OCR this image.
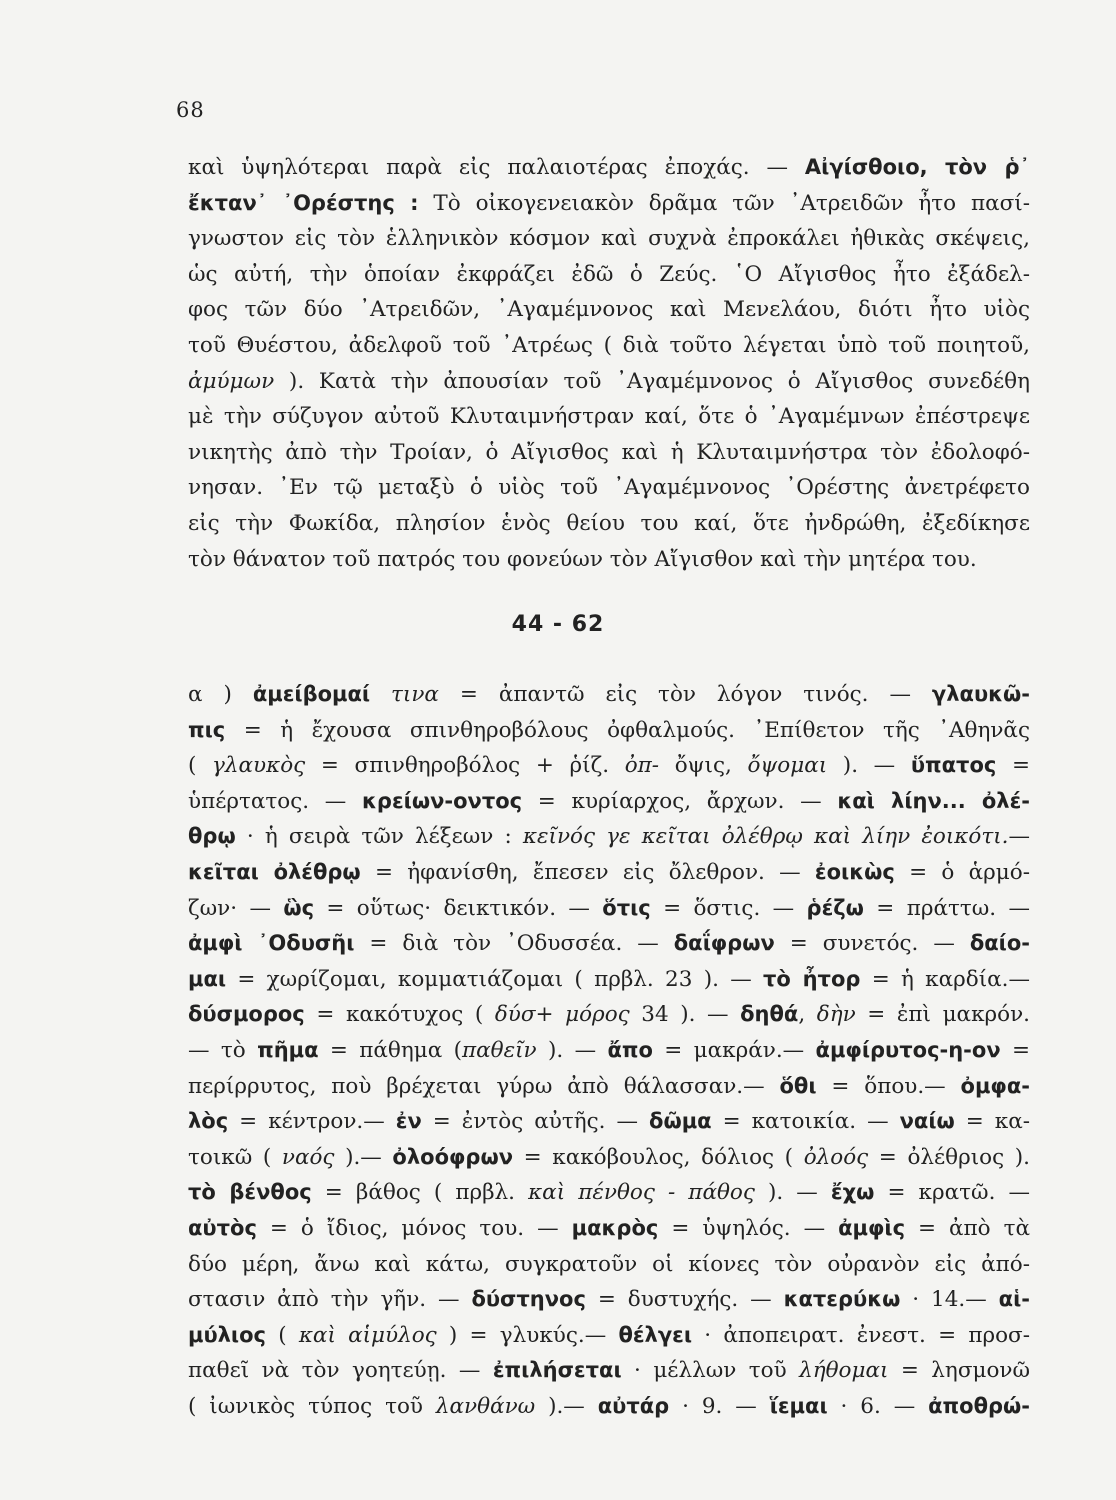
68
καὶ ὑψηλότεραι παρὰ εἰς παλαιοτέρας ἐποχάς. — Αἰγίσθοιο, τὸν ῥ᾽
ἔκταν᾽ ᾽Ορέστης : Τὸ οἰκογενειακὸν δρᾶμα τῶν ᾽Ατρειδῶν ἦτο πασί-
γνωστον εἰς τὸν ἑλληνικὸν κόσμον καὶ συχνὰ ἐπροκάλει ἠθικὰς σκέψεις,
ὡς αὐτή, τὴν ὁποίαν ἐκφράζει ἐδῶ ὁ Ζεύς. ῾Ο Αἴγισθος ἦτο ἐξάδελ-
φος τῶν δύο ᾽Ατρειδῶν, ᾽Αγαμέμνονος καὶ Μενελάου, διότι ἦτο υἱὸς
τοῦ Θυέστου, ἀδελφοῦ τοῦ ᾽Ατρέως ( διὰ τοῦτο λέγεται ὑπὸ τοῦ ποιητοῦ,
ἀμύμων ). Κατὰ τὴν ἀπουσίαν τοῦ ᾽Αγαμέμνονος ὁ Αἴγισθος συνεδέθη
μὲ τὴν σύζυγον αὐτοῦ Κλυταιμνήστραν καί, ὅτε ὁ ᾽Αγαμέμνων ἐπέστρεψε
νικητὴς ἀπὸ τὴν Τροίαν, ὁ Αἴγισθος καὶ ἡ Κλυταιμνήστρα τὸν ἐδολοφό-
νησαν. ᾽Εν τῷ μεταξὺ ὁ υἱὸς τοῦ ᾽Αγαμέμνονος ᾽Ορέστης ἀνετρέφετο
εἰς τὴν Φωκίδα, πλησίον ἑνὸς θείου του καί, ὅτε ἠνδρώθη, ἐξεδίκησε
τὸν θάνατον τοῦ πατρός του φονεύων τὸν Αἴγισθον καὶ τὴν μητέρα του.
44 - 62
α ) ἀμείβομαί τινα = ἀπαντῶ εἰς τὸν λόγον τινός. — γλαυκῶ-
πις = ἡ ἔχουσα σπινθηροβόλους ὀφθαλμούς. ᾽Επίθετον τῆς ᾽Αθηνᾶς
( γλαυκὸς = σπινθηροβόλος + ῥίζ. ὀπ- ὄψις, ὄψομαι ). — ὕπατος =
ὑπέρτατος. — κρείων-οντος = κυρίαρχος, ἄρχων. — καὶ λίην... ὀλέ-
θρῳ · ἡ σειρὰ τῶν λέξεων : κεῖνός γε κεῖται ὀλέθρῳ καὶ λίην ἐοικότι.—
κεῖται ὀλέθρῳ = ἠφανίσθη, ἔπεσεν εἰς ὄλεθρον. — ἐοικὼς = ὁ ἁρμό-
ζων· — ὣς = οὕτως· δεικτικόν. — ὅτις = ὅστις. — ῥέζω = πράττω. —
ἀμφὶ ᾽Οδυσῆι = διὰ τὸν ᾽Οδυσσέα. — δαΐφρων = συνετός. — δαίο-
μαι = χωρίζομαι, κομματιάζομαι ( πρβλ. 23 ). — τὸ ἦτορ = ἡ καρδία.—
δύσμορος = κακότυχος ( δύσ+ μόρος 34 ). — δηθά, δὴν = ἐπὶ μακρόν.
— τὸ πῆμα = πάθημα (παθεῖν ). — ἄπο = μακράν.— ἀμφίρυτος-η-ον =
περίρρυτος, ποὺ βρέχεται γύρω ἀπὸ θάλασσαν.— ὅθι = ὅπου.— ὀμφα-
λὸς = κέντρον.— ἐν = ἐντὸς αὐτῆς. — δῶμα = κατοικία. — ναίω = κα-
τοικῶ ( ναός ).— ὀλοόφρων = κακόβουλος, δόλιος ( ὀλοός = ὀλέθριος ).
τὸ βένθος = βάθος ( πρβλ. καὶ πένθος - πάθος ). — ἔχω = κρατῶ. —
αὐτὸς = ὁ ἴδιος, μόνος του. — μακρὸς = ὑψηλός. — ἀμφὶς = ἀπὸ τὰ
δύο μέρη, ἄνω καὶ κάτω, συγκρατοῦν οἱ κίονες τὸν οὐρανὸν εἰς ἀπό-
στασιν ἀπὸ τὴν γῆν. — δύστηνος = δυστυχής. — κατερύκω · 14.— αἱ-
μύλιος ( καὶ αἱμύλος ) = γλυκύς.— θέλγει · ἀποπειρατ. ἐνεστ. = προσ-
παθεῖ νὰ τὸν γοητεύῃ. — ἐπιλήσεται · μέλλων τοῦ λήθομαι = λησμονῶ
( ἰωνικὸς τύπος τοῦ λανθάνω ).— αὐτάρ · 9. — ἵεμαι · 6. — ἀποθρώ-
